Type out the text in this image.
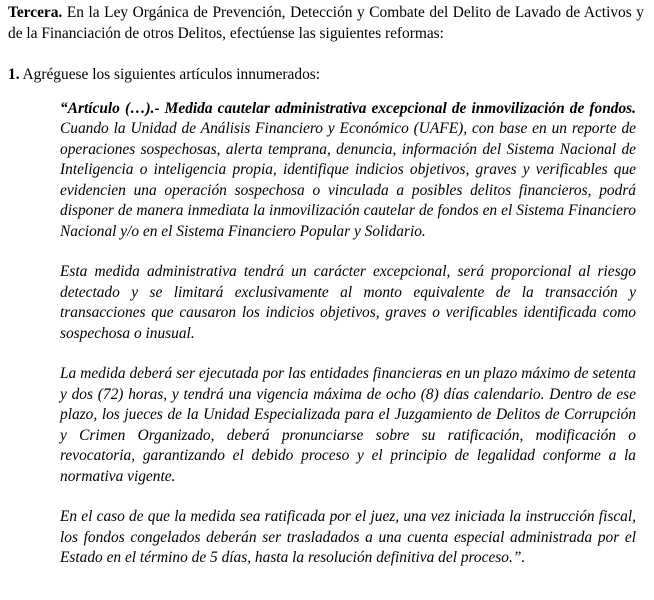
Tercera. En la Ley Orgánica de Prevención, Detección y Combate del Delito de Lavado de Activos y de la Financiación de otros Delitos, efectúense las siguientes reformas:

1. Agréguese los siguientes artículos innumerados:

“Artículo (…).- Medida cautelar administrativa excepcional de inmovilización de fondos. Cuando la Unidad de Análisis Financiero y Económico (UAFE), con base en un reporte de operaciones sospechosas, alerta temprana, denuncia, información del Sistema Nacional de Inteligencia o inteligencia propia, identifique indicios objetivos, graves y verificables que evidencien una operación sospechosa o vinculada a posibles delitos financieros, podrá disponer de manera inmediata la inmovilización cautelar de fondos en el Sistema Financiero Nacional y/o en el Sistema Financiero Popular y Solidario.

Esta medida administrativa tendrá un carácter excepcional, será proporcional al riesgo detectado y se limitará exclusivamente al monto equivalente de la transacción y transacciones que causaron los indicios objetivos, graves o verificables identificada como sospechosa o inusual.

La medida deberá ser ejecutada por las entidades financieras en un plazo máximo de setenta y dos (72) horas, y tendrá una vigencia máxima de ocho (8) días calendario. Dentro de ese plazo, los jueces de la Unidad Especializada para el Juzgamiento de Delitos de Corrupción y Crimen Organizado, deberá pronunciarse sobre su ratificación, modificación o revocatoria, garantizando el debido proceso y el principio de legalidad conforme a la normativa vigente.

En el caso de que la medida sea ratificada por el juez, una vez iniciada la instrucción fiscal, los fondos congelados deberán ser trasladados a una cuenta especial administrada por el Estado en el término de 5 días, hasta la resolución definitiva del proceso.”.
